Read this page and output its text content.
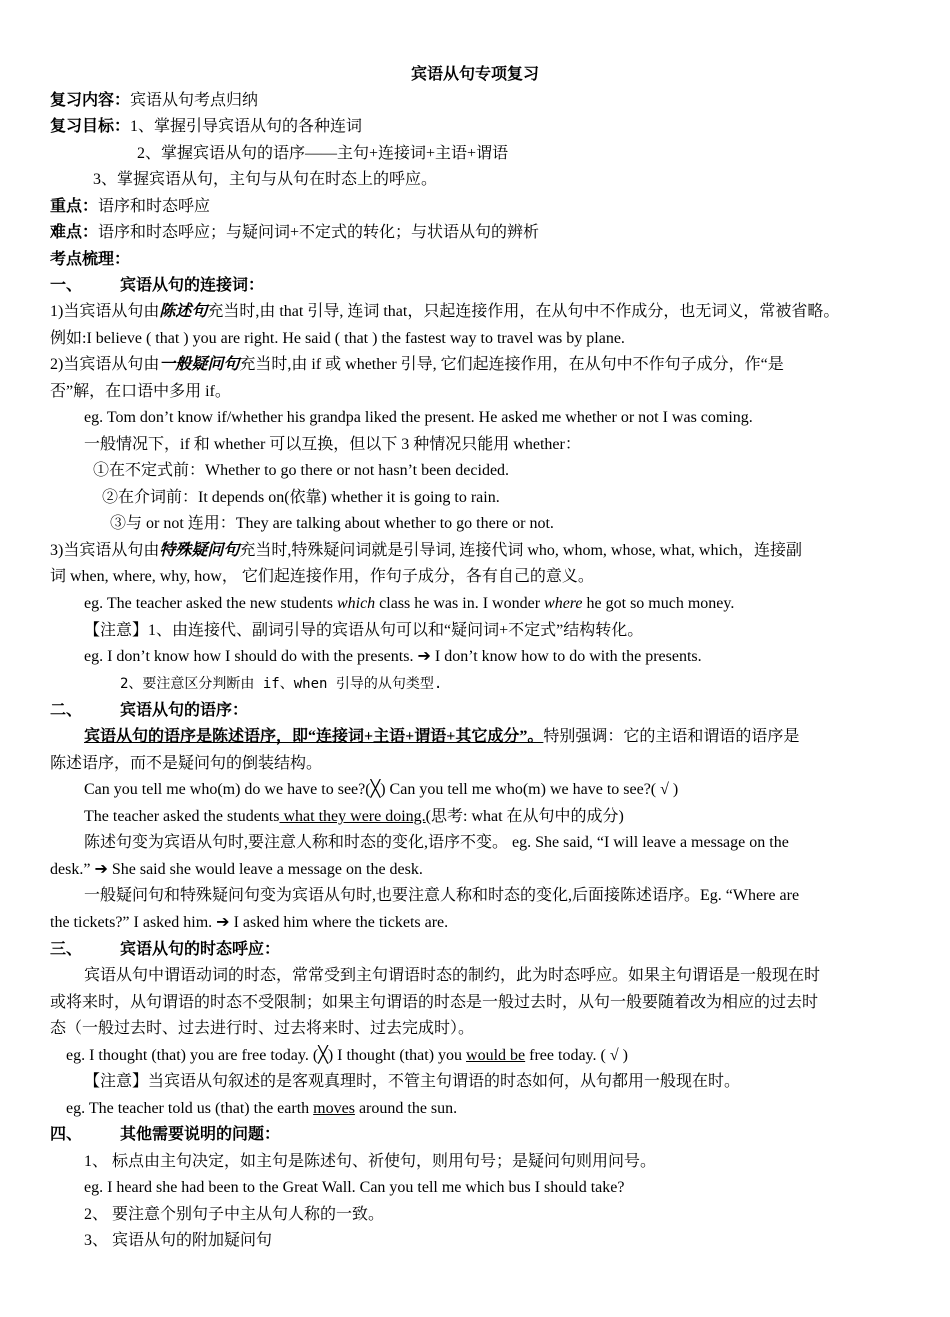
宾语从句专项复习
复习内容：宾语从句考点归纳
复习目标：1、掌握引导宾语从句的各种连词
2、掌握宾语从句的语序——主句+连接词+主语+谓语
3、掌握宾语从句，主句与从句在时态上的呼应。
重点：语序和时态呼应
难点：语序和时态呼应；与疑问词+不定式的转化；与状语从句的辨析
考点梳理：
一、 宾语从句的连接词：
1)当宾语从句由陈述句充当时,由 that 引导, 连词 that，只起连接作用，在从句中不作成分，也无词义，常被省略。
例如:I believe ( that ) you are right. He said ( that ) the fastest way to travel was by plane.
2)当宾语从句由一般疑问句充当时,由 if 或 whether 引导, 它们起连接作用，在从句中不作句子成分，作“是
否”解，在口语中多用 if。
eg. Tom don’t know if/whether his grandpa liked the present. He asked me whether or not I was coming.
一般情况下，if 和 whether 可以互换，但以下 3 种情况只能用 whether：
①在不定式前：Whether to go there or not hasn’t been decided.
②在介词前：It depends on(依靠) whether it is going to rain.
③与 or not 连用：They are talking about whether to go there or not.
3)当宾语从句由特殊疑问句充当时,特殊疑问词就是引导词, 连接代词 who, whom, whose, what, which，连接副
词 when, where, why, how， 它们起连接作用，作句子成分，各有自己的意义。
eg. The teacher asked the new students which class he was in. I wonder where he got so much money.
【注意】1、由连接代、副词引导的宾语从句可以和“疑问词+不定式”结构转化。
eg. I don’t know how I should do with the presents. ➔ I don’t know how to do with the presents.
2、要注意区分判断由 if、when 引导的从句类型.
二、 宾语从句的语序：
宾语从句的语序是陈述语序，即“连接词+主语+谓语+其它成分”。特别强调：它的主语和谓语的语序是
陈述语序，而不是疑问句的倒装结构。
Can you tell me who(m) do we have to see?(╳) Can you tell me who(m) we have to see?( √ )
The teacher asked the students what they were doing.(思考: what 在从句中的成分)
陈述句变为宾语从句时,要注意人称和时态的变化,语序不变。 eg. She said, “I will leave a message on the
desk.” ➔ She said she would leave a message on the desk.
一般疑问句和特殊疑问句变为宾语从句时,也要注意人称和时态的变化,后面接陈述语序。Eg. “Where are
the tickets?” I asked him. ➔ I asked him where the tickets are.
三、 宾语从句的时态呼应：
宾语从句中谓语动词的时态，常常受到主句谓语时态的制约，此为时态呼应。如果主句谓语是一般现在时
或将来时，从句谓语的时态不受限制；如果主句谓语的时态是一般过去时，从句一般要随着改为相应的过去时
态（一般过去时、过去进行时、过去将来时、过去完成时）。
eg. I thought (that) you are free today. (╳) I thought (that) you would be free today. ( √ )
【注意】当宾语从句叙述的是客观真理时，不管主句谓语的时态如何，从句都用一般现在时。
eg. The teacher told us (that) the earth moves around the sun.
四、 其他需要说明的问题：
1、 标点由主句决定，如主句是陈述句、祈使句，则用句号；是疑问句则用问号。
eg. I heard she had been to the Great Wall. Can you tell me which bus I should take?
2、 要注意个别句子中主从句人称的一致。
3、 宾语从句的附加疑问句
